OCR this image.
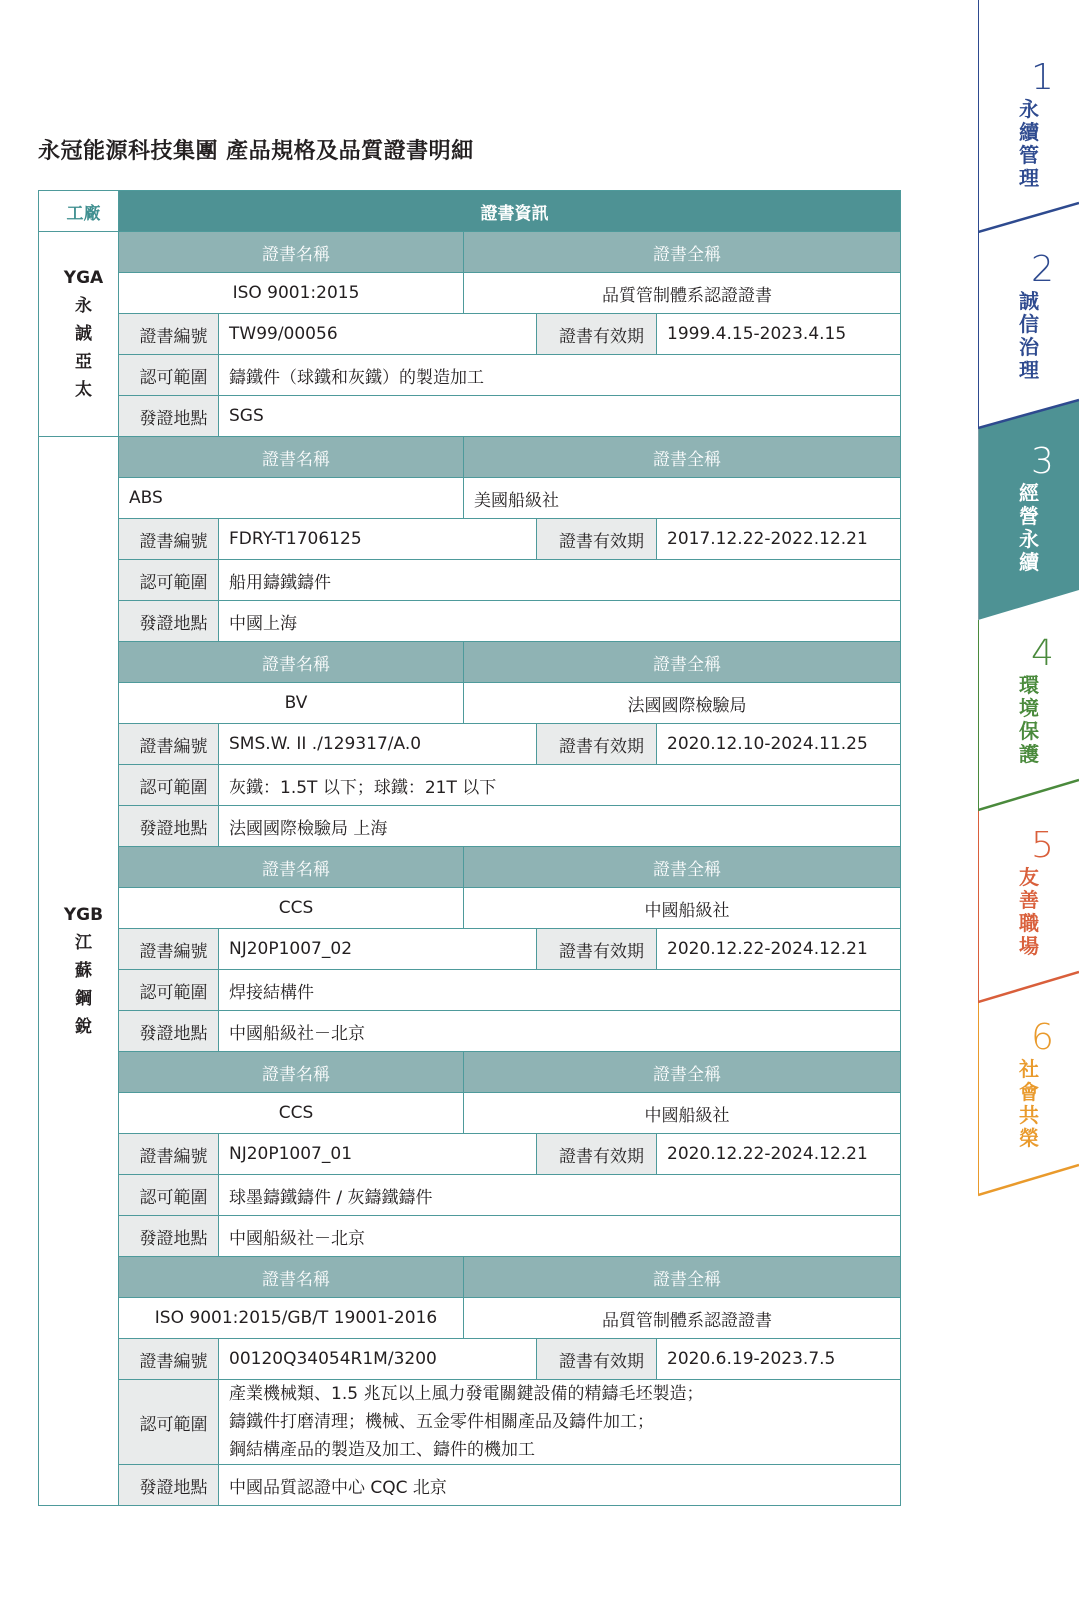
永冠能源科技集團 產品規格及品質證書明細
工廠	證書資訊				

YGA
永
誠
亞
太	證書名稱		證書全稱		
	ISO 9001:2015		品質管制體系認證證書		
	證書編號	TW99/00056		證書有效期	1999.4.15-2023.4.15
	認可範圍	鑄鐵件（球鐵和灰鐵）的製造加工			
	發證地點	SGS			

YGB
江
蘇
鋼
銳	證書名稱		證書全稱		
	ABS		美國船級社		
	證書編號	FDRY-T1706125		證書有效期	2017.12.22-2022.12.21
	認可範圍	船用鑄鐵鑄件			
	發證地點	中國上海			
	證書名稱		證書全稱		
	BV		法國國際檢驗局		
	證書編號	SMS.W. II ./129317/A.0		證書有效期	2020.12.10-2024.11.25
	認可範圍	灰鐵：1.5T 以下；球鐵：21T 以下			
	發證地點	法國國際檢驗局 上海			
	證書名稱		證書全稱		
	CCS		中國船級社		
	證書編號	NJ20P1007_02		證書有效期	2020.12.22-2024.12.21
	認可範圍	焊接結構件			
	發證地點	中國船級社－北京			
	證書名稱		證書全稱		
	CCS		中國船級社		
	證書編號	NJ20P1007_01		證書有效期	2020.12.22-2024.12.21
	認可範圍	球墨鑄鐵鑄件 / 灰鑄鐵鑄件			
	發證地點	中國船級社－北京			
	證書名稱		證書全稱		
	ISO 9001:2015/GB/T 19001-2016		品質管制體系認證證書		
	證書編號	00120Q34054R1M/3200		證書有效期	2020.6.19-2023.7.5
	認可範圍	產業機械類、1.5 兆瓦以上風力發電關鍵設備的精鑄毛坯製造；
鑄鐵件打磨清理；機械、五金零件相關產品及鑄件加工；
鋼結構產品的製造及加工、鑄件的機加工			

	發證地點	中國品質認證中心 CQC 北京			
1
永續管理
2
誠信治理
3
經營永續
4
環境保護
5
友善職場
6
社會共榮
